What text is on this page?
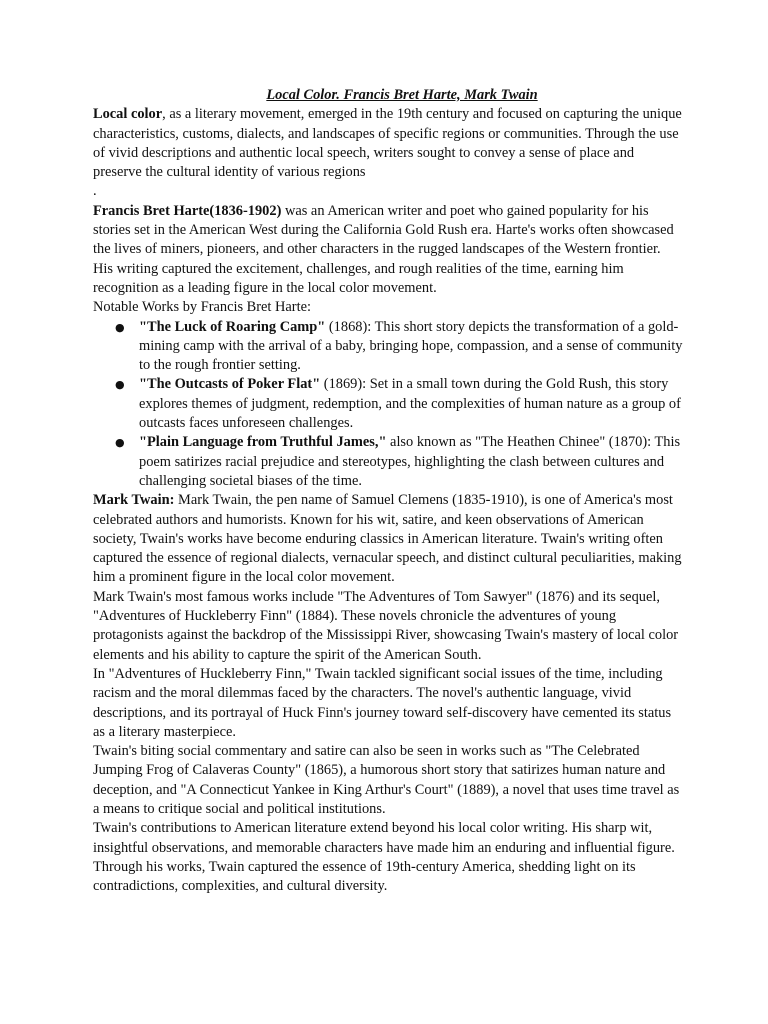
Local Color. Francis Bret Harte, Mark Twain

Local color, as a literary movement, emerged in the 19th century and focused on capturing the unique characteristics, customs, dialects, and landscapes of specific regions or communities. Through the use of vivid descriptions and authentic local speech, writers sought to convey a sense of place and preserve the cultural identity of various regions

.

Francis Bret Harte(1836-1902) was an American writer and poet who gained popularity for his stories set in the American West during the California Gold Rush era. Harte's works often showcased the lives of miners, pioneers, and other characters in the rugged landscapes of the Western frontier. His writing captured the excitement, challenges, and rough realities of the time, earning him recognition as a leading figure in the local color movement.

Notable Works by Francis Bret Harte:

● "The Luck of Roaring Camp" (1868): This short story depicts the transformation of a gold-mining camp with the arrival of a baby, bringing hope, compassion, and a sense of community to the rough frontier setting.
● "The Outcasts of Poker Flat" (1869): Set in a small town during the Gold Rush, this story explores themes of judgment, redemption, and the complexities of human nature as a group of outcasts faces unforeseen challenges.
● "Plain Language from Truthful James," also known as "The Heathen Chinee" (1870): This poem satirizes racial prejudice and stereotypes, highlighting the clash between cultures and challenging societal biases of the time.

Mark Twain: Mark Twain, the pen name of Samuel Clemens (1835-1910), is one of America's most celebrated authors and humorists. Known for his wit, satire, and keen observations of American society, Twain's works have become enduring classics in American literature. Twain's writing often captured the essence of regional dialects, vernacular speech, and distinct cultural peculiarities, making him a prominent figure in the local color movement.

Mark Twain's most famous works include "The Adventures of Tom Sawyer" (1876) and its sequel, "Adventures of Huckleberry Finn" (1884). These novels chronicle the adventures of young protagonists against the backdrop of the Mississippi River, showcasing Twain's mastery of local color elements and his ability to capture the spirit of the American South.

In "Adventures of Huckleberry Finn," Twain tackled significant social issues of the time, including racism and the moral dilemmas faced by the characters. The novel's authentic language, vivid descriptions, and its portrayal of Huck Finn's journey toward self-discovery have cemented its status as a literary masterpiece.

Twain's biting social commentary and satire can also be seen in works such as "The Celebrated Jumping Frog of Calaveras County" (1865), a humorous short story that satirizes human nature and deception, and "A Connecticut Yankee in King Arthur's Court" (1889), a novel that uses time travel as a means to critique social and political institutions.

Twain's contributions to American literature extend beyond his local color writing. His sharp wit, insightful observations, and memorable characters have made him an enduring and influential figure. Through his works, Twain captured the essence of 19th-century America, shedding light on its contradictions, complexities, and cultural diversity.
